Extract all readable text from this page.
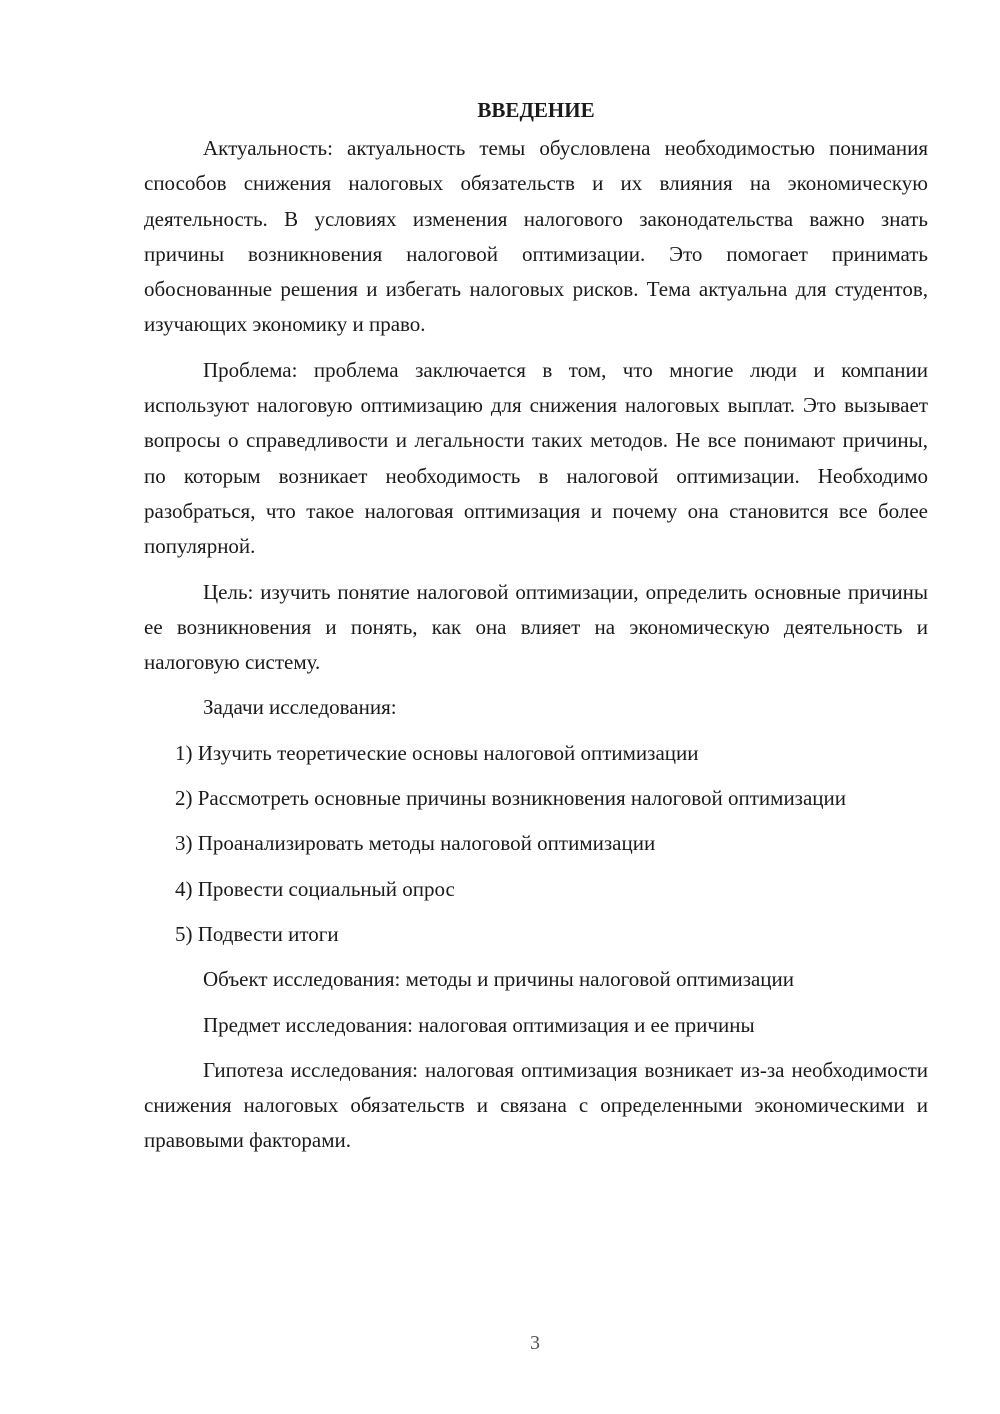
ВВЕДЕНИЕ

Актуальность: актуальность темы обусловлена необходимостью понимания способов снижения налоговых обязательств и их влияния на экономическую деятельность. В условиях изменения налогового законодательства важно знать причины возникновения налоговой оптимизации. Это помогает принимать обоснованные решения и избегать налоговых рисков. Тема актуальна для студентов, изучающих экономику и право.

Проблема: проблема заключается в том, что многие люди и компании используют налоговую оптимизацию для снижения налоговых выплат. Это вызывает вопросы о справедливости и легальности таких методов. Не все понимают причины, по которым возникает необходимость в налоговой оптимизации. Необходимо разобраться, что такое налоговая оптимизация и почему она становится все более популярной.

Цель: изучить понятие налоговой оптимизации, определить основные причины ее возникновения и понять, как она влияет на экономическую деятельность и налоговую систему.

Задачи исследования:

1) Изучить теоретические основы налоговой оптимизации

2) Рассмотреть основные причины возникновения налоговой оптимизации

3) Проанализировать методы налоговой оптимизации

4) Провести социальный опрос

5) Подвести итоги

Объект исследования: методы и причины налоговой оптимизации

Предмет исследования: налоговая оптимизация и ее причины

Гипотеза исследования: налоговая оптимизация возникает из-за необходимости снижения налоговых обязательств и связана с определенными экономическими и правовыми факторами.

3
